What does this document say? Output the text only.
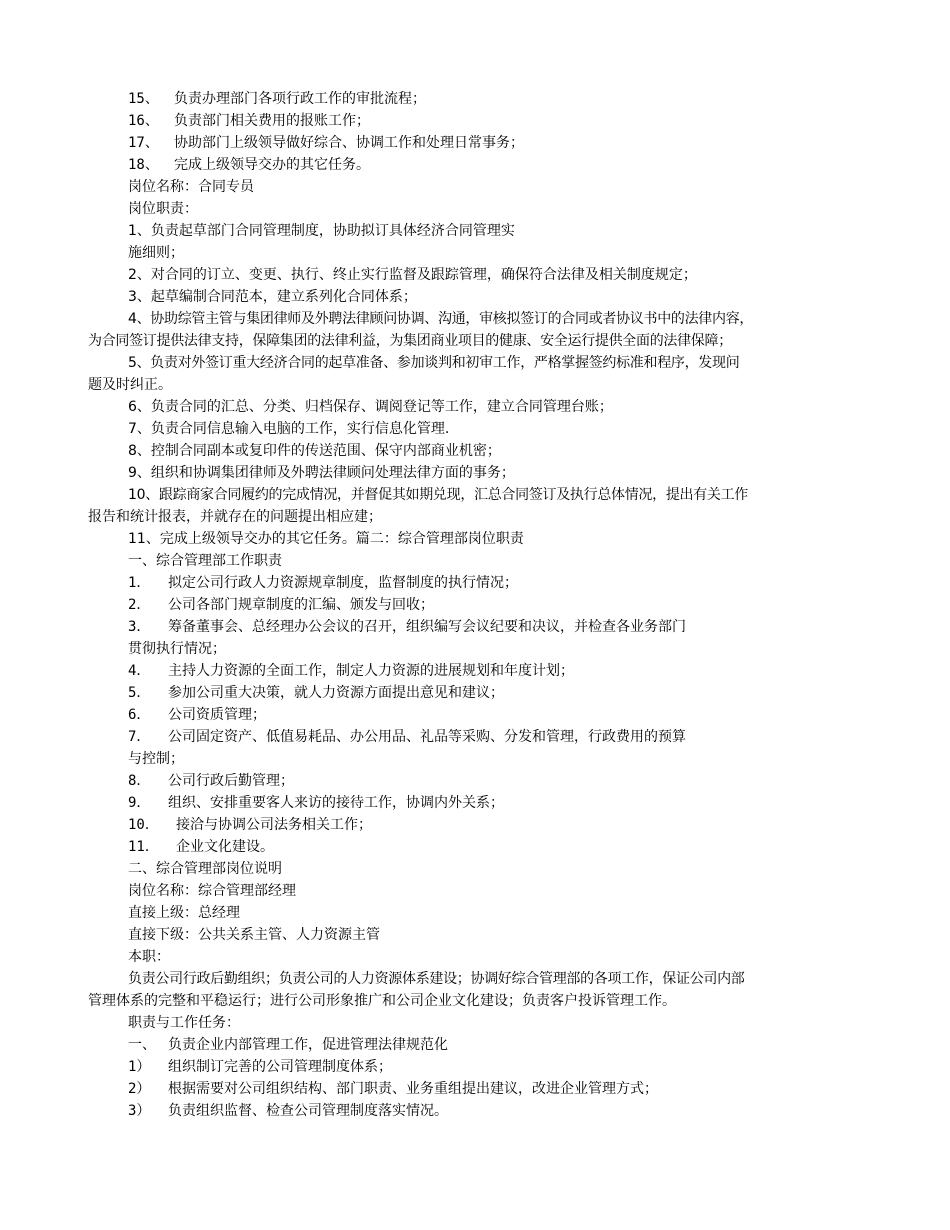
15、 负责办理部门各项行政工作的审批流程；
16、 负责部门相关费用的报账工作；
17、 协助部门上级领导做好综合、协调工作和处理日常事务；
18、 完成上级领导交办的其它任务。
岗位名称：合同专员
岗位职责：
1、负责起草部门合同管理制度，协助拟订具体经济合同管理实
施细则；
2、对合同的订立、变更、执行、终止实行监督及跟踪管理，确保符合法律及相关制度规定；
3、起草编制合同范本，建立系列化合同体系；
4、协助综管主管与集团律师及外聘法律顾问协调、沟通，审核拟签订的合同或者协议书中的法律内容，
为合同签订提供法律支持，保障集团的法律利益，为集团商业项目的健康、安全运行提供全面的法律保障；
5、负责对外签订重大经济合同的起草准备、参加谈判和初审工作，严格掌握签约标准和程序，发现问
题及时纠正。
6、负责合同的汇总、分类、归档保存、调阅登记等工作，建立合同管理台账；
7、负责合同信息输入电脑的工作，实行信息化管理.
8、控制合同副本或复印件的传送范围、保守内部商业机密；
9、组织和协调集团律师及外聘法律顾问处理法律方面的事务；
10、跟踪商家合同履约的完成情况，并督促其如期兑现，汇总合同签订及执行总体情况，提出有关工作
报告和统计报表，并就存在的问题提出相应建；
11、完成上级领导交办的其它任务。篇二：综合管理部岗位职责
一、综合管理部工作职责
1． 拟定公司行政人力资源规章制度，监督制度的执行情况；
2． 公司各部门规章制度的汇编、颁发与回收；
3． 筹备董事会、总经理办公会议的召开，组织编写会议纪要和决议，并检查各业务部门
贯彻执行情况；
4． 主持人力资源的全面工作，制定人力资源的进展规划和年度计划；
5． 参加公司重大决策，就人力资源方面提出意见和建议；
6． 公司资质管理；
7． 公司固定资产、低值易耗品、办公用品、礼品等采购、分发和管理，行政费用的预算
与控制；
8． 公司行政后勤管理；
9． 组织、安排重要客人来访的接待工作，协调内外关系；
10． 接洽与协调公司法务相关工作；
11． 企业文化建设。
二、综合管理部岗位说明
岗位名称：综合管理部经理
直接上级：总经理
直接下级：公共关系主管、人力资源主管
本职：
负责公司行政后勤组织；负责公司的人力资源体系建设；协调好综合管理部的各项工作，保证公司内部
管理体系的完整和平稳运行；进行公司形象推广和公司企业文化建设；负责客户投诉管理工作。
职责与工作任务：
一、 负责企业内部管理工作，促进管理法律规范化
1） 组织制订完善的公司管理制度体系；
2） 根据需要对公司组织结构、部门职责、业务重组提出建议，改进企业管理方式；
3） 负责组织监督、检查公司管理制度落实情况。
